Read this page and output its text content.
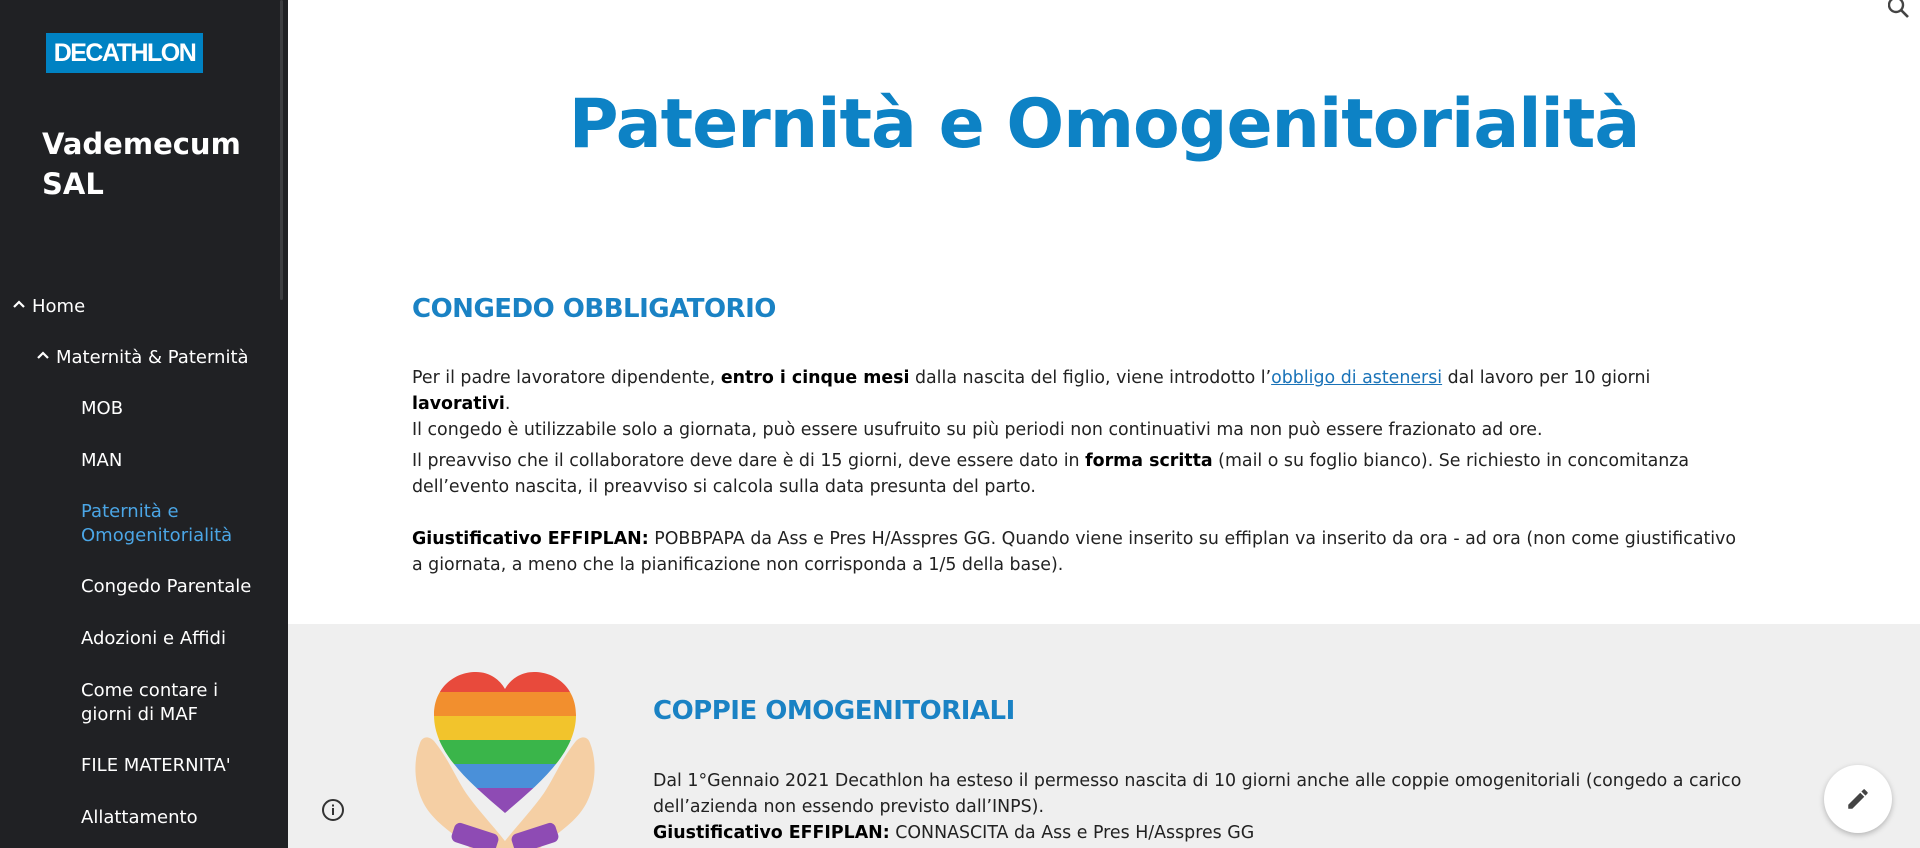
DECATHLON
Vademecum SAL
Home
Maternità & Paternità
MOB
MAN
Paternità e Omogenitorialità
Congedo Parentale
Adozioni e Affidi
Come contare i giorni di MAF
FILE MATERNITA'
Allattamento
Paternità e Omogenitorialità
CONGEDO OBBLIGATORIO
Per il padre lavoratore dipendente, entro i cinque mesi dalla nascita del figlio, viene introdotto l’obbligo di astenersi dal lavoro per 10 giorni lavorativi.
Il congedo è utilizzabile solo a giornata, può essere usufruito su più periodi non continuativi ma non può essere frazionato ad ore.
Il preavviso che il collaboratore deve dare è di 15 giorni, deve essere dato in forma scritta (mail o su foglio bianco). Se richiesto in concomitanza dell’evento nascita, il preavviso si calcola sulla data presunta del parto.
Giustificativo EFFIPLAN: POBBPAPA da Ass e Pres H/Asspres GG. Quando viene inserito su effiplan va inserito da ora - ad ora (non come giustificativo a giornata, a meno che la pianificazione non corrisponda a 1/5 della base).
COPPIE OMOGENITORIALI
Dal 1°Gennaio 2021 Decathlon ha esteso il permesso nascita di 10 giorni anche alle coppie omogenitoriali (congedo a carico dell’azienda non essendo previsto dall’INPS).
Giustificativo EFFIPLAN: CONNASCITA da Ass e Pres H/Asspres GG
